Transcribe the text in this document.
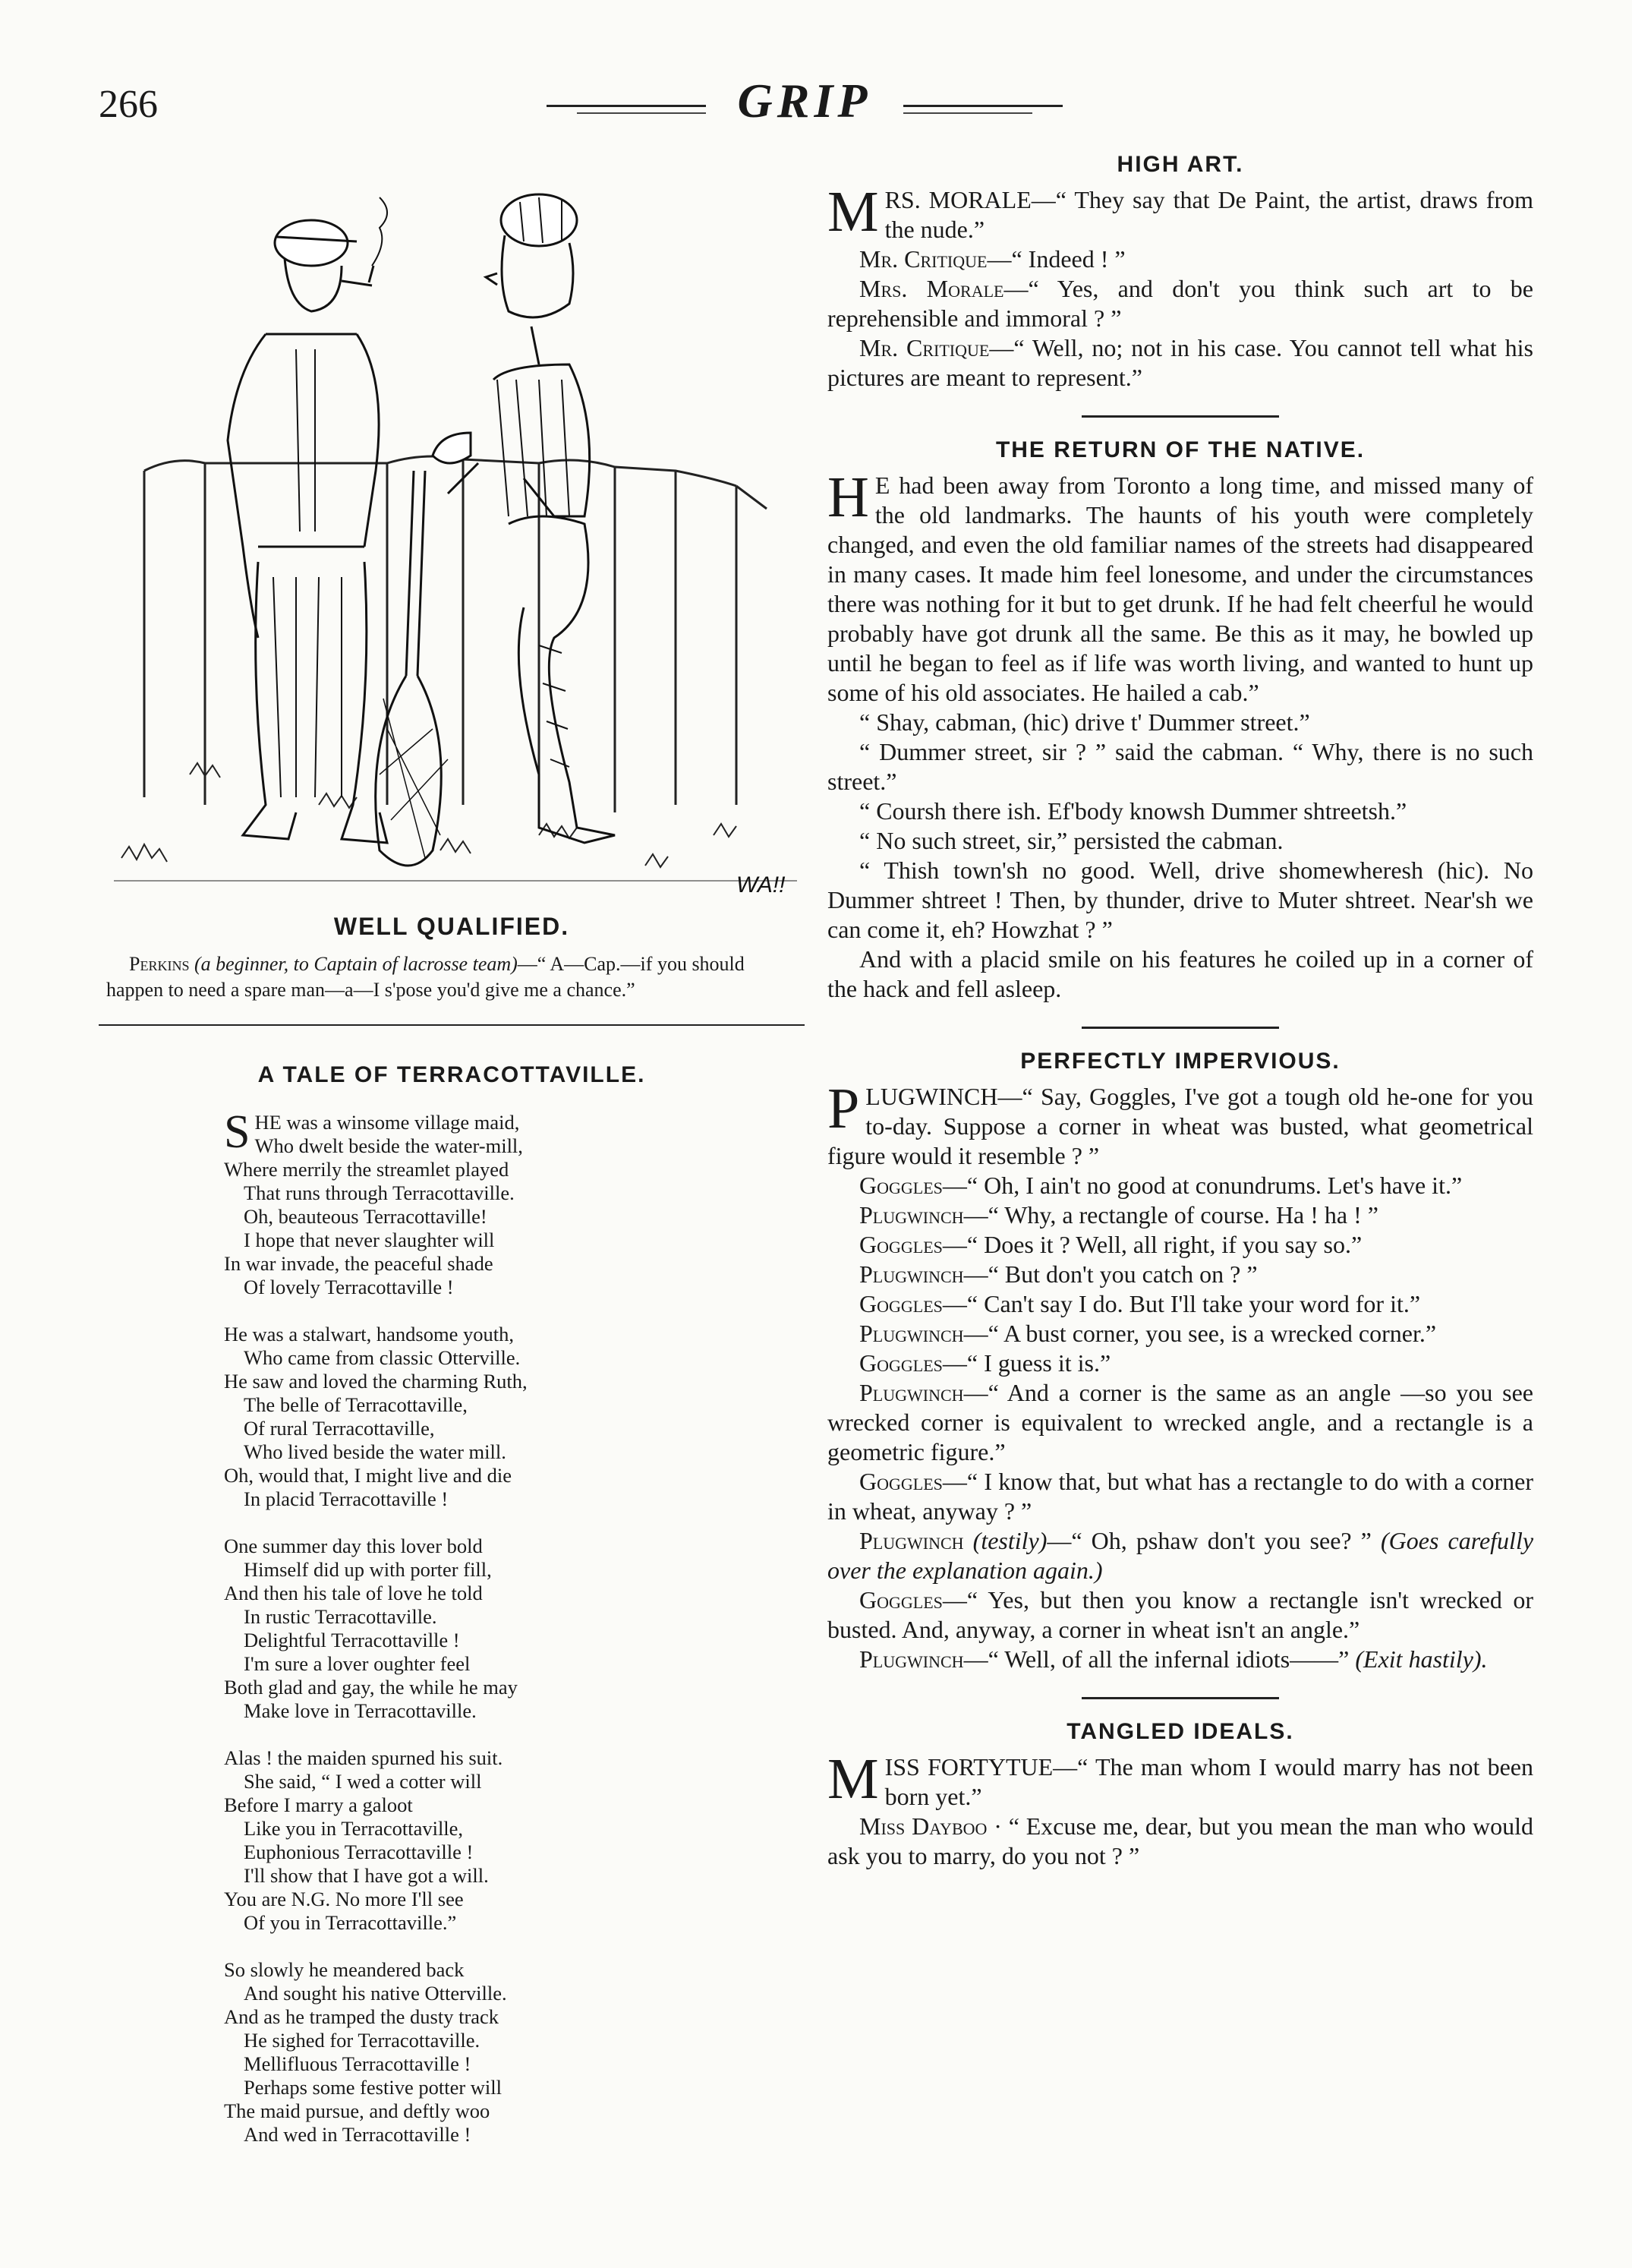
266	GRIP
WA!!
WELL QUALIFIED.
Perkins (a beginner, to Captain of lacrosse team)—“ A—Cap.—if you should happen to need a spare man—a—I s'pose you'd give me a chance.”
A TALE OF TERRACOTTAVILLE.
S HE was a winsome village maid,
Who dwelt beside the water-mill,
Where merrily the streamlet played
That runs through Terracottaville.
Oh, beauteous Terracottaville!
I hope that never slaughter will
In war invade, the peaceful shade
Of lovely Terracottaville !
He was a stalwart, handsome youth,
Who came from classic Otterville.
He saw and loved the charming Ruth,
The belle of Terracottaville,
Of rural Terracottaville,
Who lived beside the water mill.
Oh, would that, I might live and die
In placid Terracottaville !
One summer day this lover bold
Himself did up with porter fill,
And then his tale of love he told
In rustic Terracottaville.
Delightful Terracottaville !
I'm sure a lover oughter feel
Both glad and gay, the while he may
Make love in Terracottaville.
Alas ! the maiden spurned his suit.
She said, “ I wed a cotter will
Before I marry a galoot
Like you in Terracottaville,
Euphonious Terracottaville !
I'll show that I have got a will.
You are N.G. No more I'll see
Of you in Terracottaville.”
So slowly he meandered back
And sought his native Otterville.
And as he tramped the dusty track
He sighed for Terracottaville.
Mellifluous Terracottaville !
Perhaps some festive potter will
The maid pursue, and deftly woo
And wed in Terracottaville !
HIGH ART.

MRS. MORALE—“ They say that De Paint, the artist, draws from the nude.”

Mr. Critique—“ Indeed ! ”

Mrs. Morale—“ Yes, and don't you think such art to be reprehensible and immoral ? ”

Mr. Critique—“ Well, no; not in his case. You cannot tell what his pictures are meant to represent.”

THE RETURN OF THE NATIVE.

H E had been away from Toronto a long time, and missed many of the old landmarks. The haunts of his youth were completely changed, and even the old familiar names of the streets had disappeared in many cases. It made him feel lonesome, and under the circumstances there was nothing for it but to get drunk. If he had felt cheerful he would probably have got drunk all the same. Be this as it may, he bowled up until he began to feel as if life was worth living, and wanted to hunt up some of his old associates. He hailed a cab.”

“ Shay, cabman, (hic) drive t' Dummer street.”

“ Dummer street, sir ? ” said the cabman. “ Why, there is no such street.”

“ Coursh there ish. Ef'body knowsh Dummer shtreetsh.”

“ No such street, sir,” persisted the cabman.

“ Thish town'sh no good. Well, drive shomewheresh (hic). No Dummer shtreet ! Then, by thunder, drive to Muter shtreet. Near'sh we can come it, eh? Howzhat ? ”

And with a placid smile on his features he coiled up in a corner of the hack and fell asleep.

PERFECTLY IMPERVIOUS.

PLUGWINCH—“ Say, Goggles, I've got a tough old he-one for you to-day. Suppose a corner in wheat was busted, what geometrical figure would it resemble ? ”

Goggles—“ Oh, I ain't no good at conundrums. Let's have it.”

Plugwinch—“ Why, a rectangle of course. Ha ! ha ! ”

Goggles—“ Does it ? Well, all right, if you say so.”

Plugwinch—“ But don't you catch on ? ”

Goggles—“ Can't say I do. But I'll take your word for it.”

Plugwinch—“ A bust corner, you see, is a wrecked corner.”

Goggles—“ I guess it is.”

Plugwinch—“ And a corner is the same as an angle —so you see wrecked corner is equivalent to wrecked angle, and a rectangle is a geometric figure.”

Goggles—“ I know that, but what has a rectangle to do with a corner in wheat, anyway ? ”

Plugwinch (testily)—“ Oh, pshaw don't you see? ” (Goes carefully over the explanation again.)

Goggles—“ Yes, but then you know a rectangle isn't wrecked or busted. And, anyway, a corner in wheat isn't an angle.”

Plugwinch—“ Well, of all the infernal idiots——” (Exit hastily).

TANGLED IDEALS.

MISS FORTYTUE—“ The man whom I would marry has not been born yet.”

Miss Dayboo · “ Excuse me, dear, but you mean the man who would ask you to marry, do you not ? ”
